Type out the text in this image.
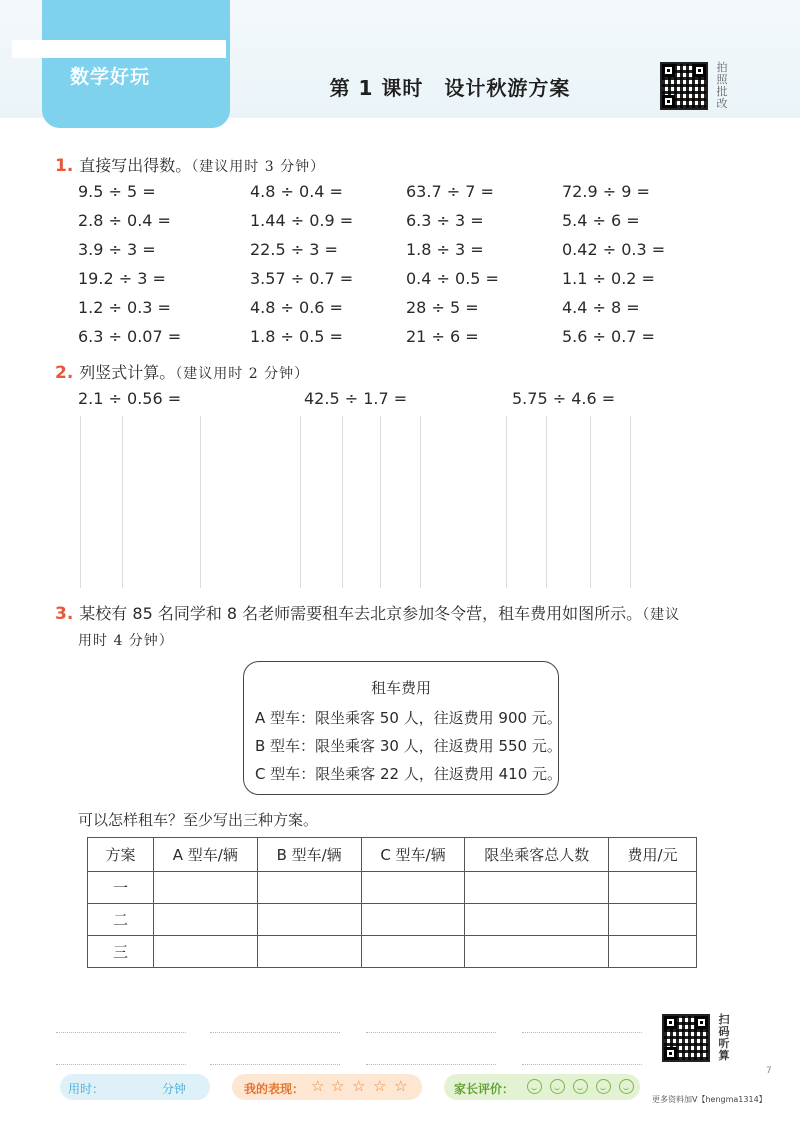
数学好玩	第 1 课时　设计秋游方案
拍照批改
1. 直接写出得数。（建议用时 3 分钟）
9.5 ÷ 5 =	4.8 ÷ 0.4 =	63.7 ÷ 7 =	72.9 ÷ 9 =
2.8 ÷ 0.4 =	1.44 ÷ 0.9 =	6.3 ÷ 3 =	5.4 ÷ 6 =
3.9 ÷ 3 =	22.5 ÷ 3 =	1.8 ÷ 3 =	0.42 ÷ 0.3 =
19.2 ÷ 3 =	3.57 ÷ 0.7 =	0.4 ÷ 0.5 =	1.1 ÷ 0.2 =
1.2 ÷ 0.3 =	4.8 ÷ 0.6 =	28 ÷ 5 =	4.4 ÷ 8 =
6.3 ÷ 0.07 =	1.8 ÷ 0.5 =	21 ÷ 6 =	5.6 ÷ 0.7 =
2. 列竖式计算。（建议用时 2 分钟）
2.1 ÷ 0.56 =	42.5 ÷ 1.7 =	5.75 ÷ 4.6 =
3. 某校有 85 名同学和 8 名老师需要租车去北京参加冬令营，租车费用如图所示。（建议
用时 4 分钟）
租车费用
A 型车：限坐乘客 50 人，往返费用 900 元。
B 型车：限坐乘客 30 人，往返费用 550 元。
C 型车：限坐乘客 22 人，往返费用 410 元。
可以怎样租车？至少写出三种方案。
方案	A 型车/辆	B 型车/辆	C 型车/辆	限坐乘客总人数	费用/元
一					
二					
三					
扫码听算
用时：	分钟	我的表现： ☆ ☆ ☆ ☆ ☆	家长评价：
更多资料加V【hengma1314】
7
